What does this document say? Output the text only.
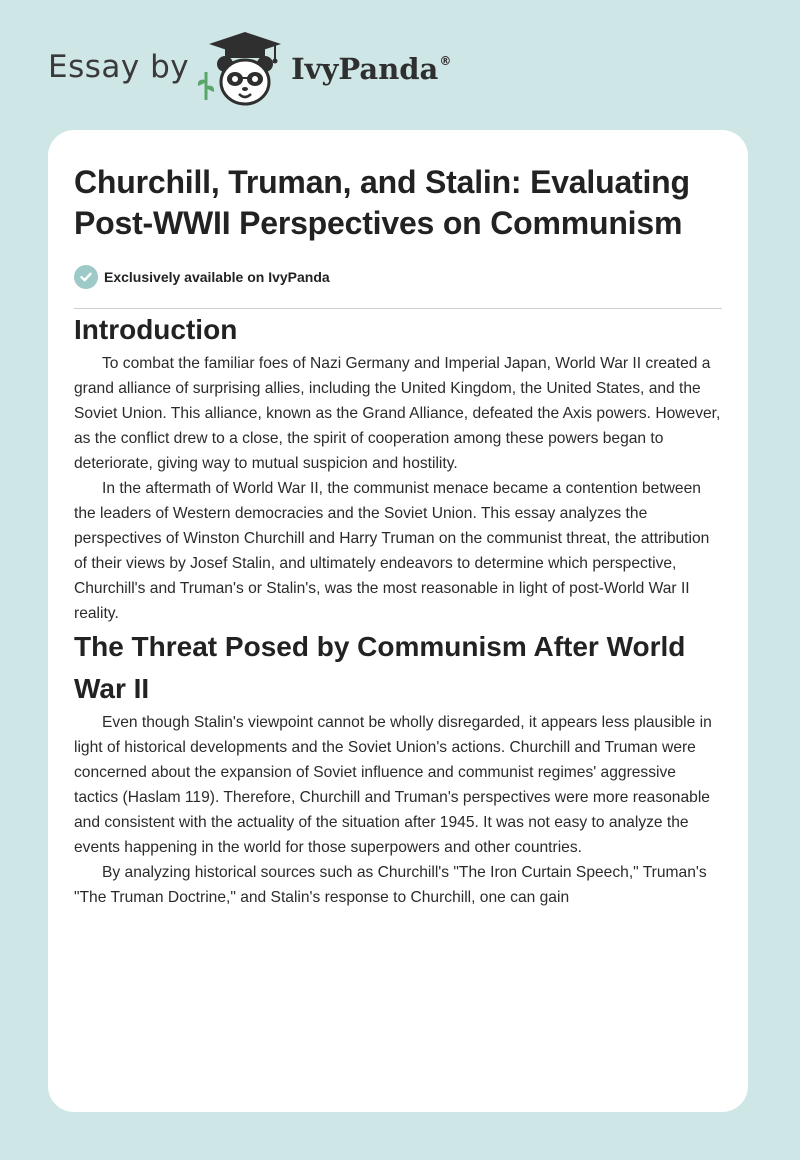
Essay by	IvyPanda®
Churchill, Truman, and Stalin: Evaluating Post-WWII Perspectives on Communism
Exclusively available on IvyPanda
Introduction

To combat the familiar foes of Nazi Germany and Imperial Japan, World War II created a grand alliance of surprising allies, including the United Kingdom, the United States, and the Soviet Union. This alliance, known as the Grand Alliance, defeated the Axis powers. However, as the conflict drew to a close, the spirit of cooperation among these powers began to deteriorate, giving way to mutual suspicion and hostility.

In the aftermath of World War II, the communist menace became a contention between the leaders of Western democracies and the Soviet Union. This essay analyzes the perspectives of Winston Churchill and Harry Truman on the communist threat, the attribution of their views by Josef Stalin, and ultimately endeavors to determine which perspective, Churchill's and Truman's or Stalin's, was the most reasonable in light of post-World War II reality.

The Threat Posed by Communism After World War II

Even though Stalin's viewpoint cannot be wholly disregarded, it appears less plausible in light of historical developments and the Soviet Union's actions. Churchill and Truman were concerned about the expansion of Soviet influence and communist regimes' aggressive tactics (Haslam 119). Therefore, Churchill and Truman's perspectives were more reasonable and consistent with the actuality of the situation after 1945. It was not easy to analyze the events happening in the world for those superpowers and other countries.

By analyzing historical sources such as Churchill's "The Iron Curtain Speech," Truman's "The Truman Doctrine," and Stalin's response to Churchill, one can gain
